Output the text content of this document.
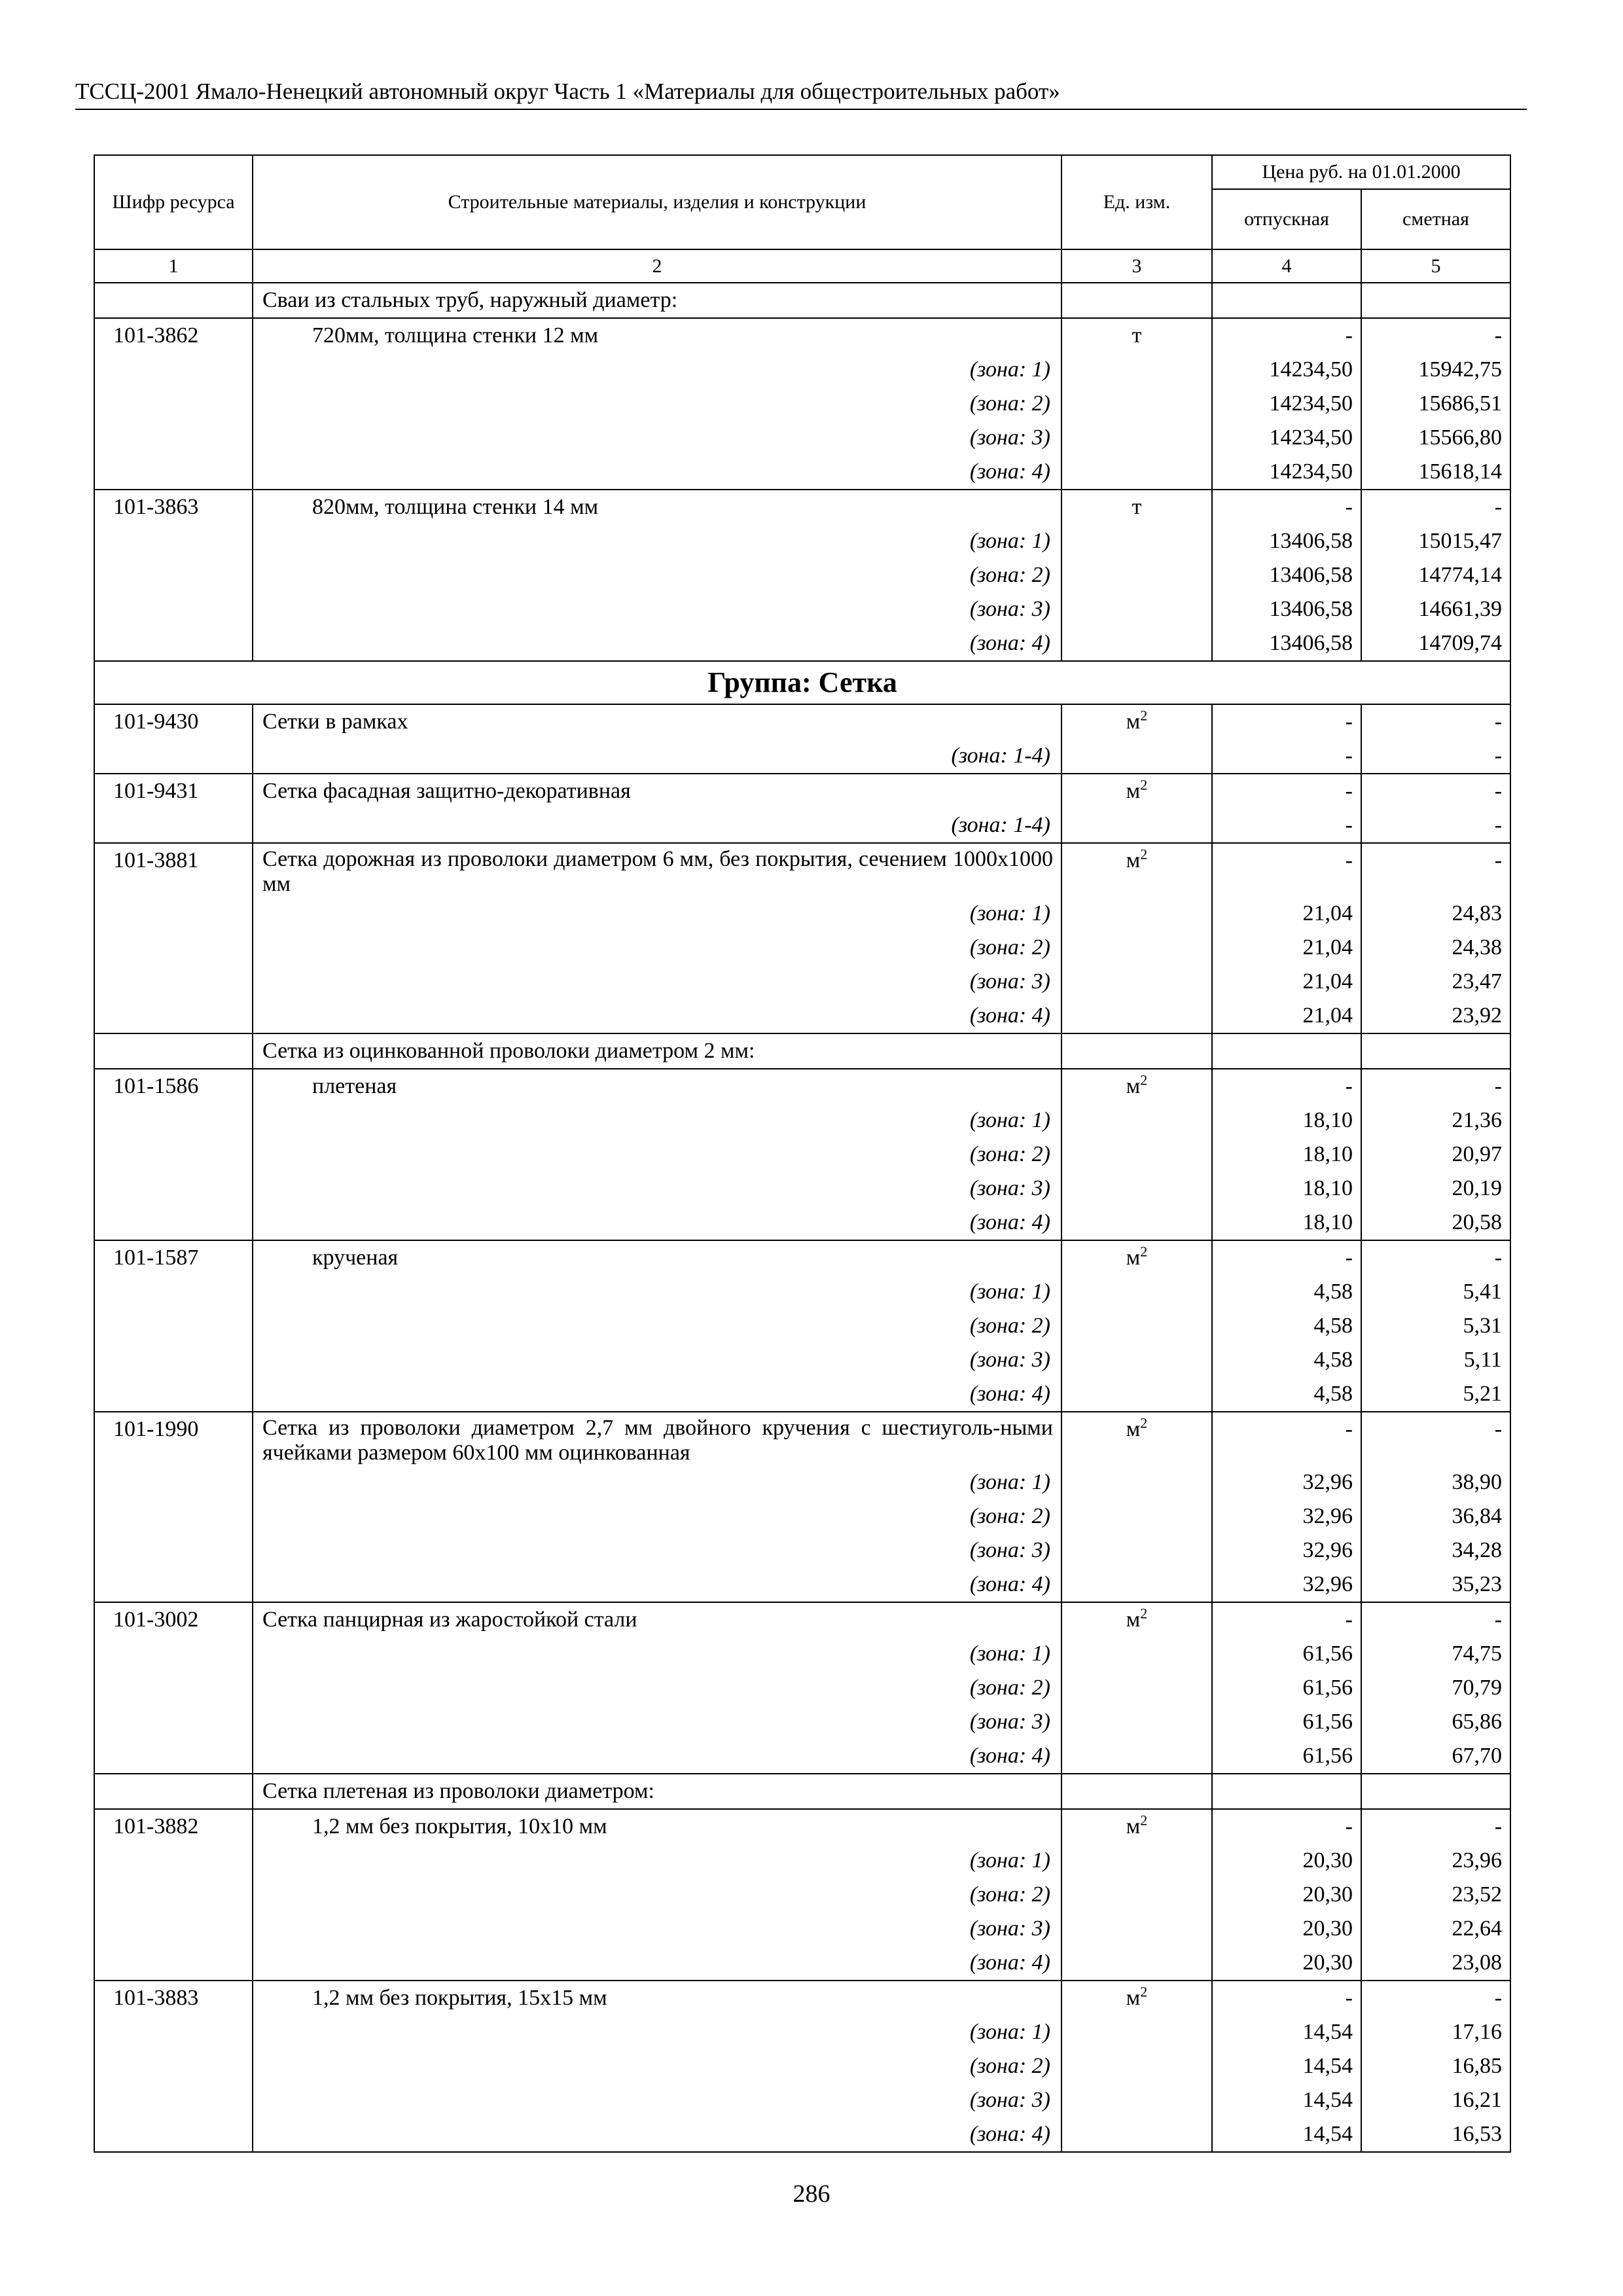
ТССЦ-2001 Ямало-Ненецкий автономный округ Часть 1 «Материалы для общестроительных работ»
Шифр ресурса	Строительные материалы, изделия и конструкции	Ед. изм.	Цена руб. на 01.01.2000	
			отпускная	сметная
1	2	3	4	5
	Сваи из стальных труб, наружный диаметр:			
101-3862	720мм, толщина стенки 12 мм	т	-	-
	(зона: 1)		14234,50	15942,75
	(зона: 2)		14234,50	15686,51
	(зона: 3)		14234,50	15566,80
	(зона: 4)		14234,50	15618,14
101-3863	820мм, толщина стенки 14 мм	т	-	-
	(зона: 1)		13406,58	15015,47
	(зона: 2)		13406,58	14774,14
	(зона: 3)		13406,58	14661,39
	(зона: 4)		13406,58	14709,74
Группа: Сетка				
101-9430	Сетки в рамках	$м^2$	-	-
	(зона: 1-4)		-	-
101-9431	Сетка фасадная защитно-декоративная	$м^2$	-	-
	(зона: 1-4)		-	-
101-3881	Сетка дорожная из проволоки диаметром 6 мм, без покрытия, сечением 1000х1000 мм	$м^2$	-	-
	(зона: 1)		21,04	24,83
	(зона: 2)		21,04	24,38
	(зона: 3)		21,04	23,47
	(зона: 4)		21,04	23,92
	Сетка из оцинкованной проволоки диаметром 2 мм:			
101-1586	плетеная	$м^2$	-	-
	(зона: 1)		18,10	21,36
	(зона: 2)		18,10	20,97
	(зона: 3)		18,10	20,19
	(зона: 4)		18,10	20,58
101-1587	крученая	$м^2$	-	-
	(зона: 1)		4,58	5,41
	(зона: 2)		4,58	5,31
	(зона: 3)		4,58	5,11
	(зона: 4)		4,58	5,21
101-1990	Сетка из проволоки диаметром 2,7 мм двойного кручения с шестиуголь-ными ячейками размером 60х100 мм оцинкованная	$м^2$	-	-
	(зона: 1)		32,96	38,90
	(зона: 2)		32,96	36,84
	(зона: 3)		32,96	34,28
	(зона: 4)		32,96	35,23
101-3002	Сетка панцирная из жаростойкой стали	$м^2$	-	-
	(зона: 1)		61,56	74,75
	(зона: 2)		61,56	70,79
	(зона: 3)		61,56	65,86
	(зона: 4)		61,56	67,70
	Сетка плетеная из проволоки диаметром:			
101-3882	1,2 мм без покрытия, 10х10 мм	$м^2$	-	-
	(зона: 1)		20,30	23,96
	(зона: 2)		20,30	23,52
	(зона: 3)		20,30	22,64
	(зона: 4)		20,30	23,08
101-3883	1,2 мм без покрытия, 15х15 мм	$м^2$	-	-
	(зона: 1)		14,54	17,16
	(зона: 2)		14,54	16,85
	(зона: 3)		14,54	16,21
	(зона: 4)		14,54	16,53
286
